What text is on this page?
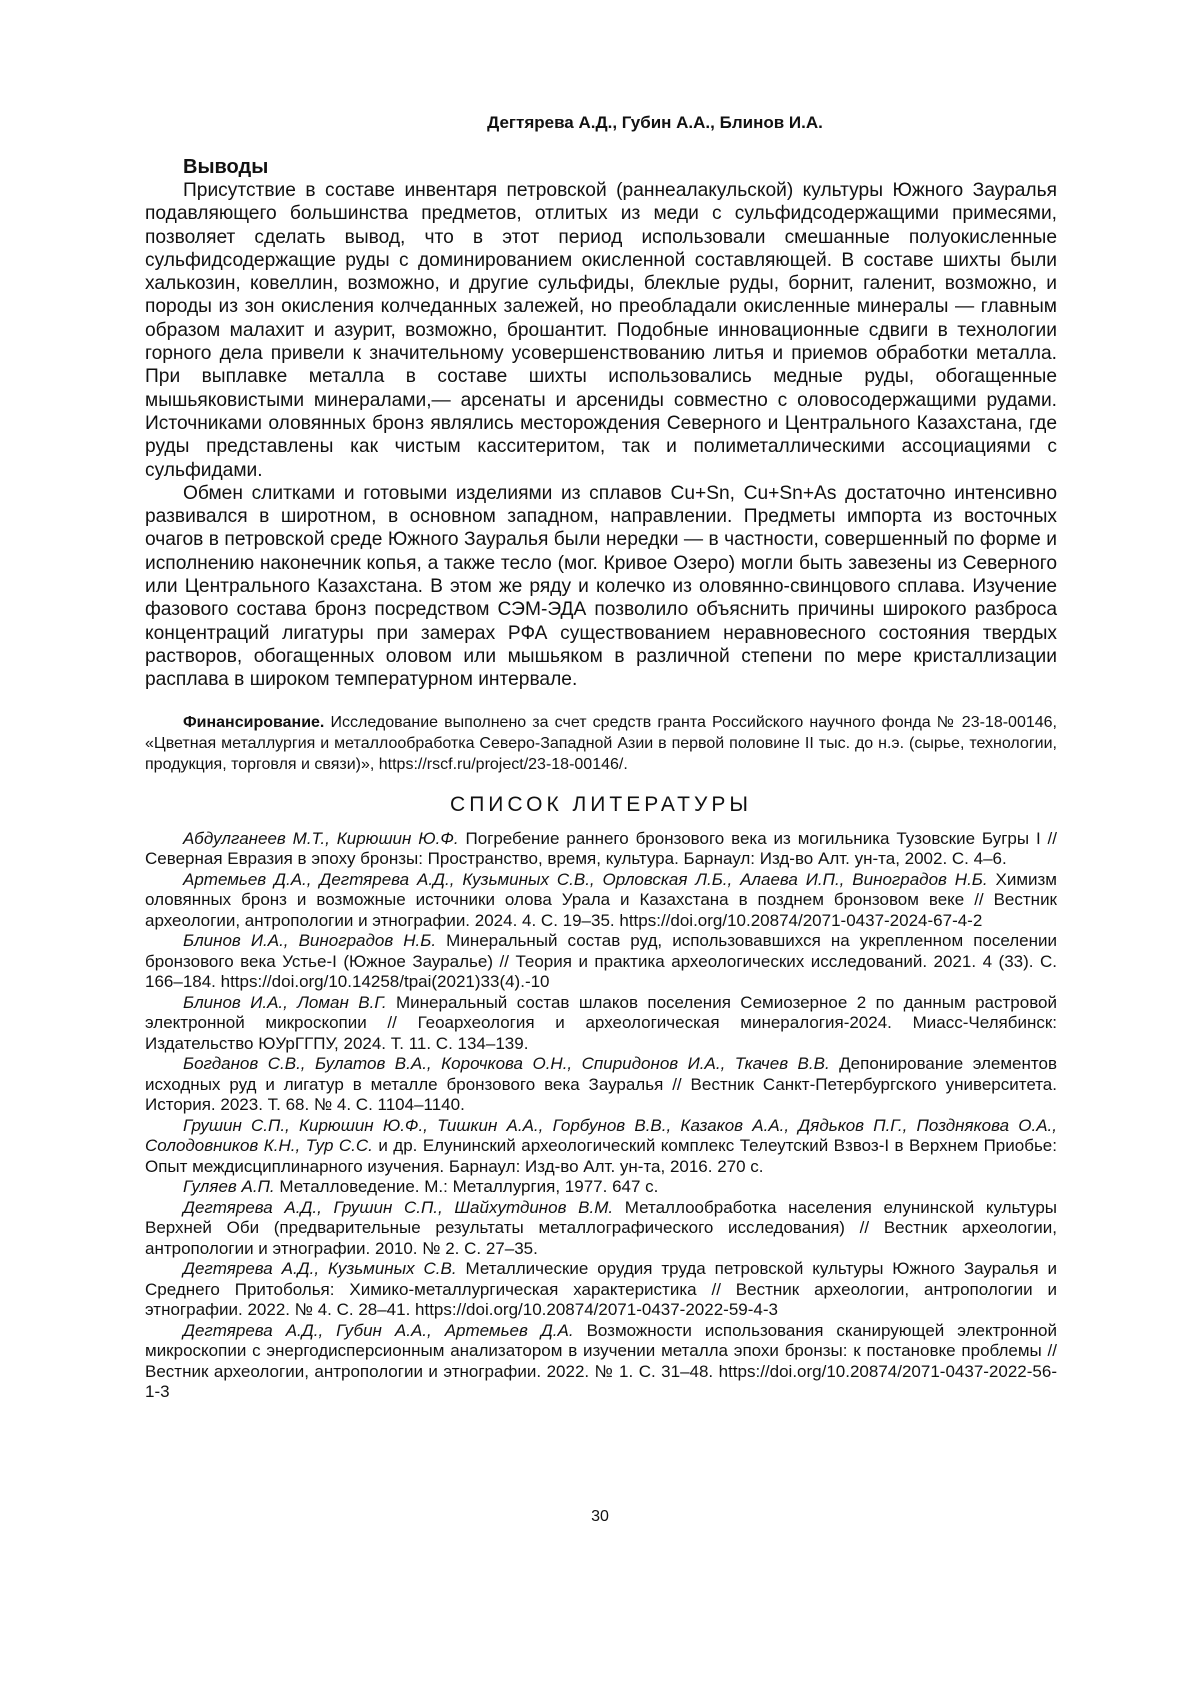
Дегтярева А.Д., Губин А.А., Блинов И.А.
Выводы

Присутствие в составе инвентаря петровской (раннеалакульской) культуры Южного Зауралья подавляющего большинства предметов, отлитых из меди с сульфидсодержащими примесями, позволяет сделать вывод, что в этот период использовали смешанные полуокисленные сульфидсодержащие руды с доминированием окисленной составляющей. В составе шихты были халькозин, ковеллин, возможно, и другие сульфиды, блеклые руды, борнит, галенит, возможно, и породы из зон окисления колчеданных залежей, но преобладали окисленные минералы — главным образом малахит и азурит, возможно, брошантит. Подобные инновационные сдвиги в технологии горного дела привели к значительному усовершенствованию литья и приемов обработки металла. При выплавке металла в составе шихты использовались медные руды, обогащенные мышьяковистыми минералами,— арсенаты и арсениды совместно с оловосодержащими рудами. Источниками оловянных бронз являлись месторождения Северного и Центрального Казахстана, где руды представлены как чистым касситеритом, так и полиметаллическими ассоциациями с сульфидами.

Обмен слитками и готовыми изделиями из сплавов Cu+Sn, Cu+Sn+As достаточно интенсивно развивался в широтном, в основном западном, направлении. Предметы импорта из восточных очагов в петровской среде Южного Зауралья были нередки — в частности, совершенный по форме и исполнению наконечник копья, а также тесло (мог. Кривое Озеро) могли быть завезены из Северного или Центрального Казахстана. В этом же ряду и колечко из оловянно-свинцового сплава. Изучение фазового состава бронз посредством СЭМ-ЭДА позволило объяснить причины широкого разброса концентраций лигатуры при замерах РФА существованием неравновесного состояния твердых растворов, обогащенных оловом или мышьяком в различной степени по мере кристаллизации расплава в широком температурном интервале.

Финансирование. Исследование выполнено за счет средств гранта Российского научного фонда № 23-18-00146, «Цветная металлургия и металлообработка Северо-Западной Азии в первой половине II тыс. до н.э. (сырье, технологии, продукция, торговля и связи)», https://rscf.ru/project/23-18-00146/.

СПИСОК ЛИТЕРАТУРЫ

Абдулганеев М.Т., Кирюшин Ю.Ф. Погребение раннего бронзового века из могильника Тузовские Бугры I // Северная Евразия в эпоху бронзы: Пространство, время, культура. Барнаул: Изд-во Алт. ун-та, 2002. С. 4–6.

Артемьев Д.А., Дегтярева А.Д., Кузьминых С.В., Орловская Л.Б., Алаева И.П., Виноградов Н.Б. Химизм оловянных бронз и возможные источники олова Урала и Казахстана в позднем бронзовом веке // Вестник археологии, антропологии и этнографии. 2024. 4. С. 19–35. https://doi.org/10.20874/2071-0437-2024-67-4-2

Блинов И.А., Виноградов Н.Б. Минеральный состав руд, использовавшихся на укрепленном поселении бронзового века Устье-I (Южное Зауралье) // Теория и практика археологических исследований. 2021. 4 (33). С. 166–184. https://doi.org/10.14258/tpai(2021)33(4).-10

Блинов И.А., Ломан В.Г. Минеральный состав шлаков поселения Семиозерное 2 по данным растровой электронной микроскопии // Геоархеология и археологическая минералогия-2024. Миасс-Челябинск: Издательство ЮУрГГПУ, 2024. Т. 11. С. 134–139.

Богданов С.В., Булатов В.А., Корочкова О.Н., Спиридонов И.А., Ткачев В.В. Депонирование элементов исходных руд и лигатур в металле бронзового века Зауралья // Вестник Санкт-Петербургского университета. История. 2023. Т. 68. № 4. С. 1104–1140.

Грушин С.П., Кирюшин Ю.Ф., Тишкин А.А., Горбунов В.В., Казаков А.А., Дядьков П.Г., Позднякова О.А., Солодовников К.Н., Тур С.С. и др. Елунинский археологический комплекс Телеутский Взвоз-I в Верхнем Приобье: Опыт междисциплинарного изучения. Барнаул: Изд-во Алт. ун-та, 2016. 270 с.

Гуляев А.П. Металловедение. М.: Металлургия, 1977. 647 с.

Дегтярева А.Д., Грушин С.П., Шайхутдинов В.М. Металлообработка населения елунинской культуры Верхней Оби (предварительные результаты металлографического исследования) // Вестник археологии, антропологии и этнографии. 2010. № 2. С. 27–35.

Дегтярева А.Д., Кузьминых С.В. Металлические орудия труда петровской культуры Южного Зауралья и Среднего Притоболья: Химико-металлургическая характеристика // Вестник археологии, антропологии и этнографии. 2022. № 4. С. 28–41. https://doi.org/10.20874/2071-0437-2022-59-4-3

Дегтярева А.Д., Губин А.А., Артемьев Д.А. Возможности использования сканирующей электронной микроскопии с энергодисперсионным анализатором в изучении металла эпохи бронзы: к постановке проблемы // Вестник археологии, антропологии и этнографии. 2022. № 1. С. 31–48. https://doi.org/10.20874/2071-0437-2022-56-1-3

30
